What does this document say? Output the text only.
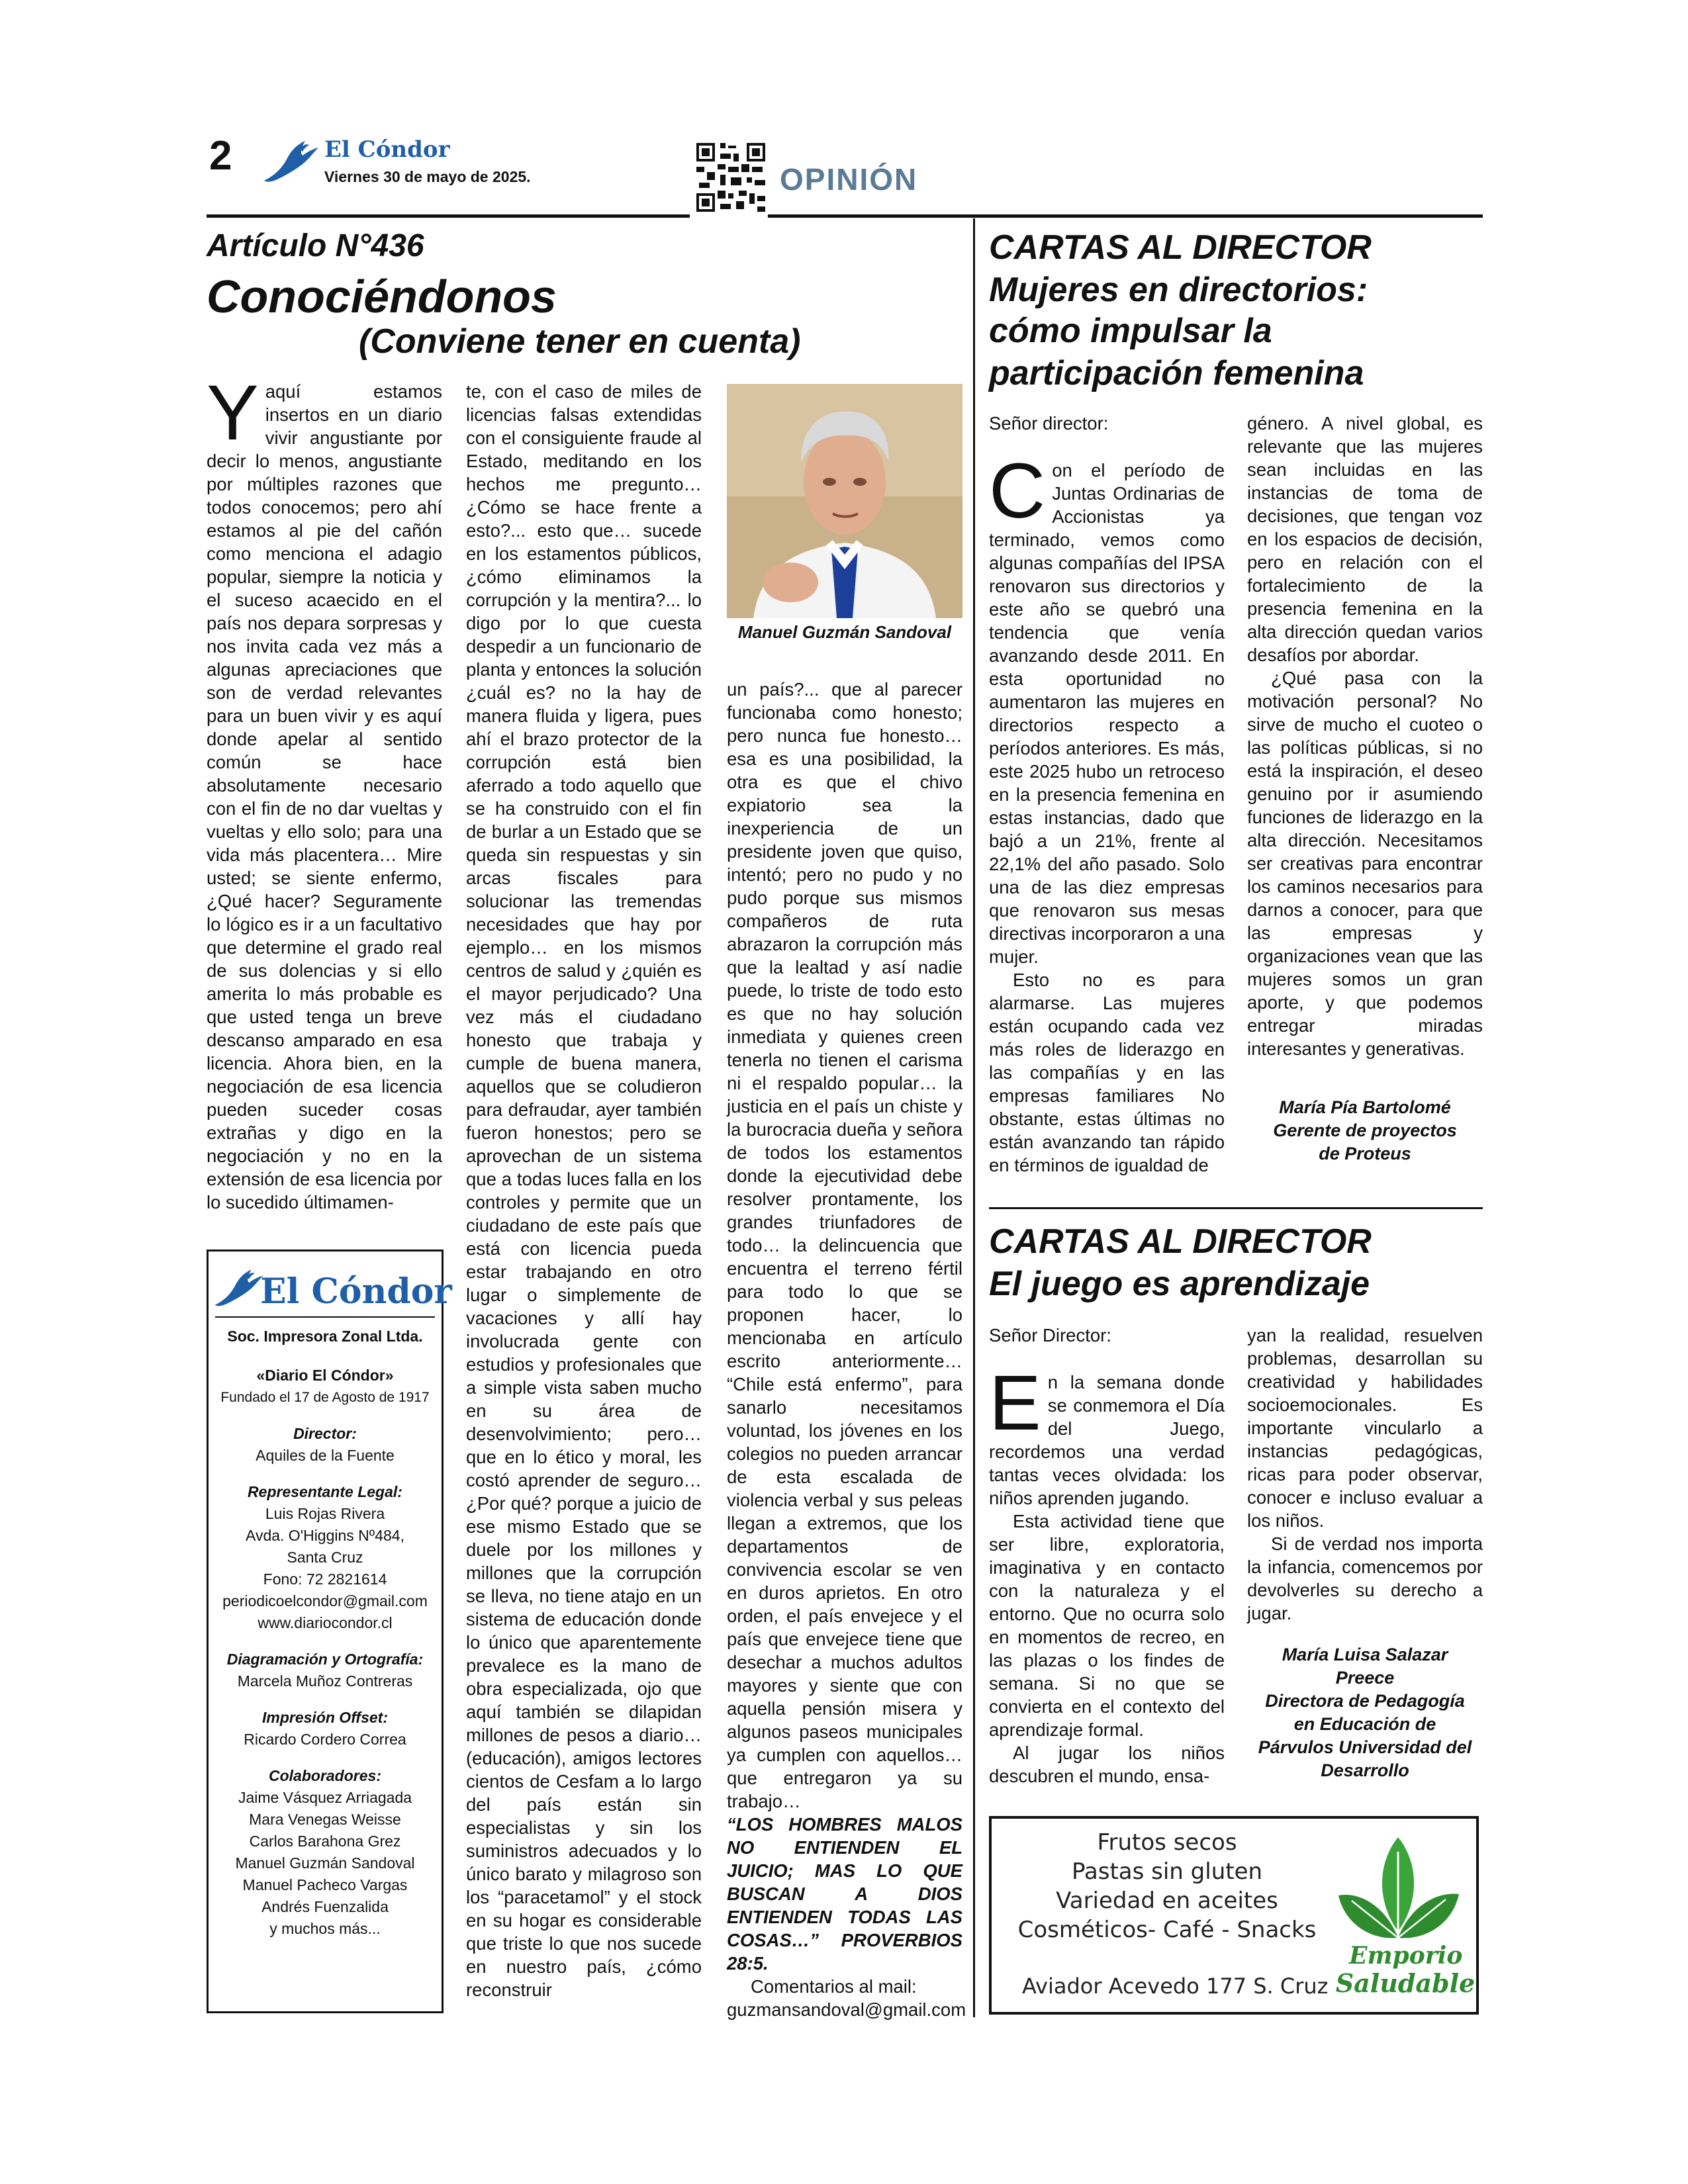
2	El Cóndor
Viernes 30 de mayo de 2025.	OPINIÓN
Artículo N°436
Conociéndonos
(Conviene tener en cuenta)

Yaquí estamos insertos en un diario vivir angustiante por decir lo menos, angustiante por múltiples razones que todos conocemos; pero ahí estamos al pie del cañón como menciona el adagio popular, siempre la noticia y el suceso acaecido en el país nos depara sorpresas y nos invita cada vez más a algunas apreciaciones que son de verdad relevantes para un buen vivir y es aquí donde apelar al sentido común se hace absolutamente necesario con el fin de no dar vueltas y vueltas y ello solo; para una vida más placentera… Mire usted; se siente enfermo, ¿Qué hacer? Seguramente lo lógico es ir a un facultativo que determine el grado real de sus dolencias y si ello amerita lo más probable es que usted tenga un breve descanso amparado en esa licencia. Ahora bien, en la negociación de esa licencia pueden suceder cosas extrañas y digo en la negociación y no en la extensión de esa licencia por lo sucedido últimamen-

te, con el caso de miles de licencias falsas extendidas con el consiguiente fraude al Estado, meditando en los hechos me pregunto… ¿Cómo se hace frente a esto?... esto que… sucede en los estamentos públicos, ¿cómo eliminamos la corrupción y la mentira?... lo digo por lo que cuesta despedir a un funcionario de planta y entonces la solución ¿cuál es? no la hay de manera fluida y ligera, pues ahí el brazo protector de la corrupción está bien aferrado a todo aquello que se ha construido con el fin de burlar a un Estado que se queda sin respuestas y sin arcas fiscales para solucionar las tremendas necesidades que hay por ejemplo… en los mismos centros de salud y ¿quién es el mayor perjudicado? Una vez más el ciudadano honesto que trabaja y cumple de buena manera, aquellos que se coludieron para defraudar, ayer también fueron honestos; pero se aprovechan de un sistema que a todas luces falla en los controles y permite que un ciudadano de este país que está con licencia pueda estar trabajando en otro lugar o simplemente de vacaciones y allí hay involucrada gente con estudios y profesionales que a simple vista saben mucho en su área de desenvolvimiento; pero… que en lo ético y moral, les costó aprender de seguro… ¿Por qué? porque a juicio de ese mismo Estado que se duele por los millones y millones que la corrupción se lleva, no tiene atajo en un sistema de educación donde lo único que aparentemente prevalece es la mano de obra especializada, ojo que aquí también se dilapidan millones de pesos a diario… (educación), amigos lectores cientos de Cesfam a lo largo del país están sin especialistas y sin los suministros adecuados y lo único barato y milagroso son los “paracetamol” y el stock en su hogar es considerable que triste lo que nos sucede en nuestro país, ¿cómo reconstruir

Manuel Guzmán Sandoval

un país?... que al parecer funcionaba como honesto; pero nunca fue honesto… esa es una posibilidad, la otra es que el chivo expiatorio sea la inexperiencia de un presidente joven que quiso, intentó; pero no pudo y no pudo porque sus mismos compañeros de ruta abrazaron la corrupción más que la lealtad y así nadie puede, lo triste de todo esto es que no hay solución inmediata y quienes creen tenerla no tienen el carisma ni el respaldo popular… la justicia en el país un chiste y la burocracia dueña y señora de todos los estamentos donde la ejecutividad debe resolver prontamente, los grandes triunfadores de todo… la delincuencia que encuentra el terreno fértil para todo lo que se proponen hacer, lo mencionaba en artículo escrito anteriormente… “Chile está enfermo”, para sanarlo necesitamos voluntad, los jóvenes en los colegios no pueden arrancar de esta escalada de violencia verbal y sus peleas llegan a extremos, que los departamentos de convivencia escolar se ven en duros aprietos. En otro orden, el país envejece y el país que envejece tiene que desechar a muchos adultos mayores y siente que con aquella pensión misera y algunos paseos municipales ya cumplen con aquellos… que entregaron ya su trabajo…

“LOS HOMBRES MALOS NO ENTIENDEN EL JUICIO; MAS LO QUE BUSCAN A DIOS ENTIENDEN TODAS LAS COSAS…” PROVERBIOS 28:5.

Comentarios al mail:

guzmansandoval@gmail.com

El Cóndor
Soc. Impresora Zonal Ltda.
«Diario El Cóndor»
Fundado el 17 de Agosto de 1917
Director:
Aquiles de la Fuente
Representante Legal:
Luis Rojas Rivera
Avda. O'Higgins Nº484,
Santa Cruz
Fono: 72 2821614
periodicoelcondor@gmail.com
www.diariocondor.cl
Diagramación y Ortografía:
Marcela Muñoz Contreras
Impresión Offset:
Ricardo Cordero Correa
Colaboradores:
Jaime Vásquez Arriagada
Mara Venegas Weisse
Carlos Barahona Grez
Manuel Guzmán Sandoval
Manuel Pacheco Vargas
Andrés Fuenzalida
y muchos más...
CARTAS AL DIRECTOR
Mujeres en directorios:
cómo impulsar la
participación femenina

Señor director:

Con el período de Juntas Ordinarias de Accionistas ya terminado, vemos como algunas compañías del IPSA renovaron sus directorios y este año se quebró una tendencia que venía avanzando desde 2011. En esta oportunidad no aumentaron las mujeres en directorios respecto a períodos anteriores. Es más, este 2025 hubo un retroceso en la presencia femenina en estas instancias, dado que bajó a un 21%, frente al 22,1% del año pasado. Solo una de las diez empresas que renovaron sus mesas directivas incorporaron a una mujer.

Esto no es para alarmarse. Las mujeres están ocupando cada vez más roles de liderazgo en las compañías y en las empresas familiares No obstante, estas últimas no están avanzando tan rápido en términos de igualdad de

género. A nivel global, es relevante que las mujeres sean incluidas en las instancias de toma de decisiones, que tengan voz en los espacios de decisión, pero en relación con el fortalecimiento de la presencia femenina en la alta dirección quedan varios desafíos por abordar.

¿Qué pasa con la motivación personal? No sirve de mucho el cuoteo o las políticas públicas, si no está la inspiración, el deseo genuino por ir asumiendo funciones de liderazgo en la alta dirección. Necesitamos ser creativas para encontrar los caminos necesarios para darnos a conocer, para que las empresas y organizaciones vean que las mujeres somos un gran aporte, y que podemos entregar miradas interesantes y generativas.

María Pía Bartolomé
Gerente de proyectos
de Proteus
CARTAS AL DIRECTOR
El juego es aprendizaje

Señor Director:

En la semana donde se conmemora el Día del Juego, recordemos una verdad tantas veces olvidada: los niños aprenden jugando.

Esta actividad tiene que ser libre, exploratoria, imaginativa y en contacto con la naturaleza y el entorno. Que no ocurra solo en momentos de recreo, en las plazas o los findes de semana. Si no que se convierta en el contexto del aprendizaje formal.

Al jugar los niños descubren el mundo, ensa-

yan la realidad, resuelven problemas, desarrollan su creatividad y habilidades socioemocionales. Es importante vincularlo a instancias pedagógicas, ricas para poder observar, conocer e incluso evaluar a los niños.

Si de verdad nos importa la infancia, comencemos por devolverles su derecho a jugar.

María Luisa Salazar
Preece
Directora de Pedagogía
en Educación de
Párvulos Universidad del
Desarrollo
Frutos secos
Pastas sin gluten
Variedad en aceites
Cosméticos- Café - Snacks
Aviador Acevedo 177 S. Cruz
Emporio
Saludable
